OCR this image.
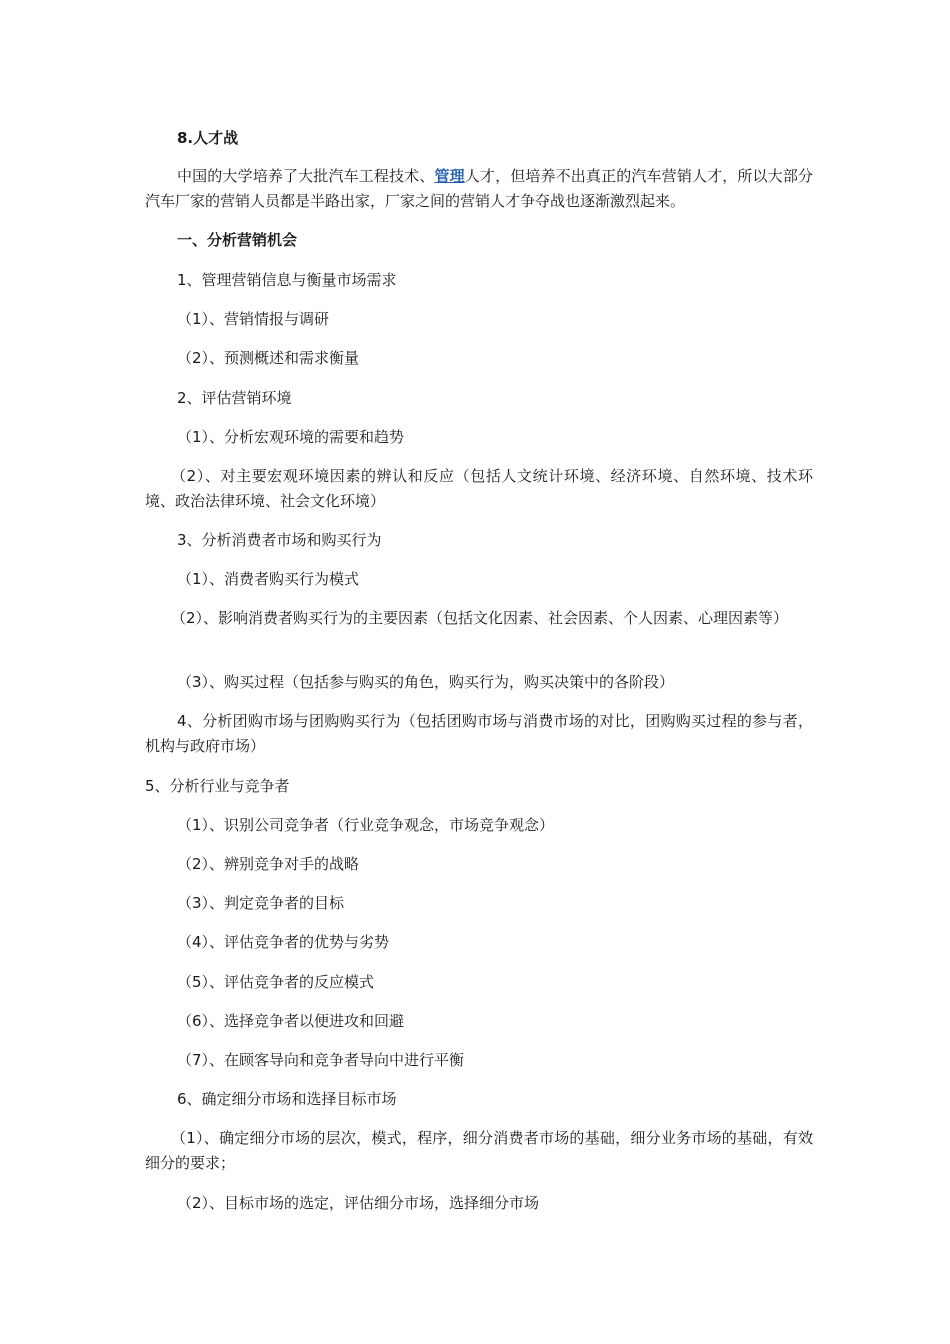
8.人才战

中国的大学培养了大批汽车工程技术、管理人才，但培养不出真正的汽车营销人才，所以大部分汽车厂家的营销人员都是半路出家，厂家之间的营销人才争夺战也逐渐激烈起来。

一、分析营销机会

1、管理营销信息与衡量市场需求

（1）、营销情报与调研

（2）、预测概述和需求衡量

2、评估营销环境

（1）、分析宏观环境的需要和趋势

（2）、对主要宏观环境因素的辨认和反应（包括人文统计环境、经济环境、自然环境、技术环境、政治法律环境、社会文化环境）

3、分析消费者市场和购买行为

（1）、消费者购买行为模式

（2）、影响消费者购买行为的主要因素（包括文化因素、社会因素、个人因素、心理因素等）

（3）、购买过程（包括参与购买的角色，购买行为，购买决策中的各阶段）

4、分析团购市场与团购购买行为（包括团购市场与消费市场的对比，团购购买过程的参与者，机构与政府市场）

5、分析行业与竞争者

（1）、识别公司竞争者（行业竞争观念，市场竞争观念）

（2）、辨别竞争对手的战略

（3）、判定竞争者的目标

（4）、评估竞争者的优势与劣势

（5）、评估竞争者的反应模式

（6）、选择竞争者以便进攻和回避

（7）、在顾客导向和竞争者导向中进行平衡

6、确定细分市场和选择目标市场

（1）、确定细分市场的层次，模式，程序，细分消费者市场的基础，细分业务市场的基础，有效细分的要求；

（2）、目标市场的选定，评估细分市场，选择细分市场
